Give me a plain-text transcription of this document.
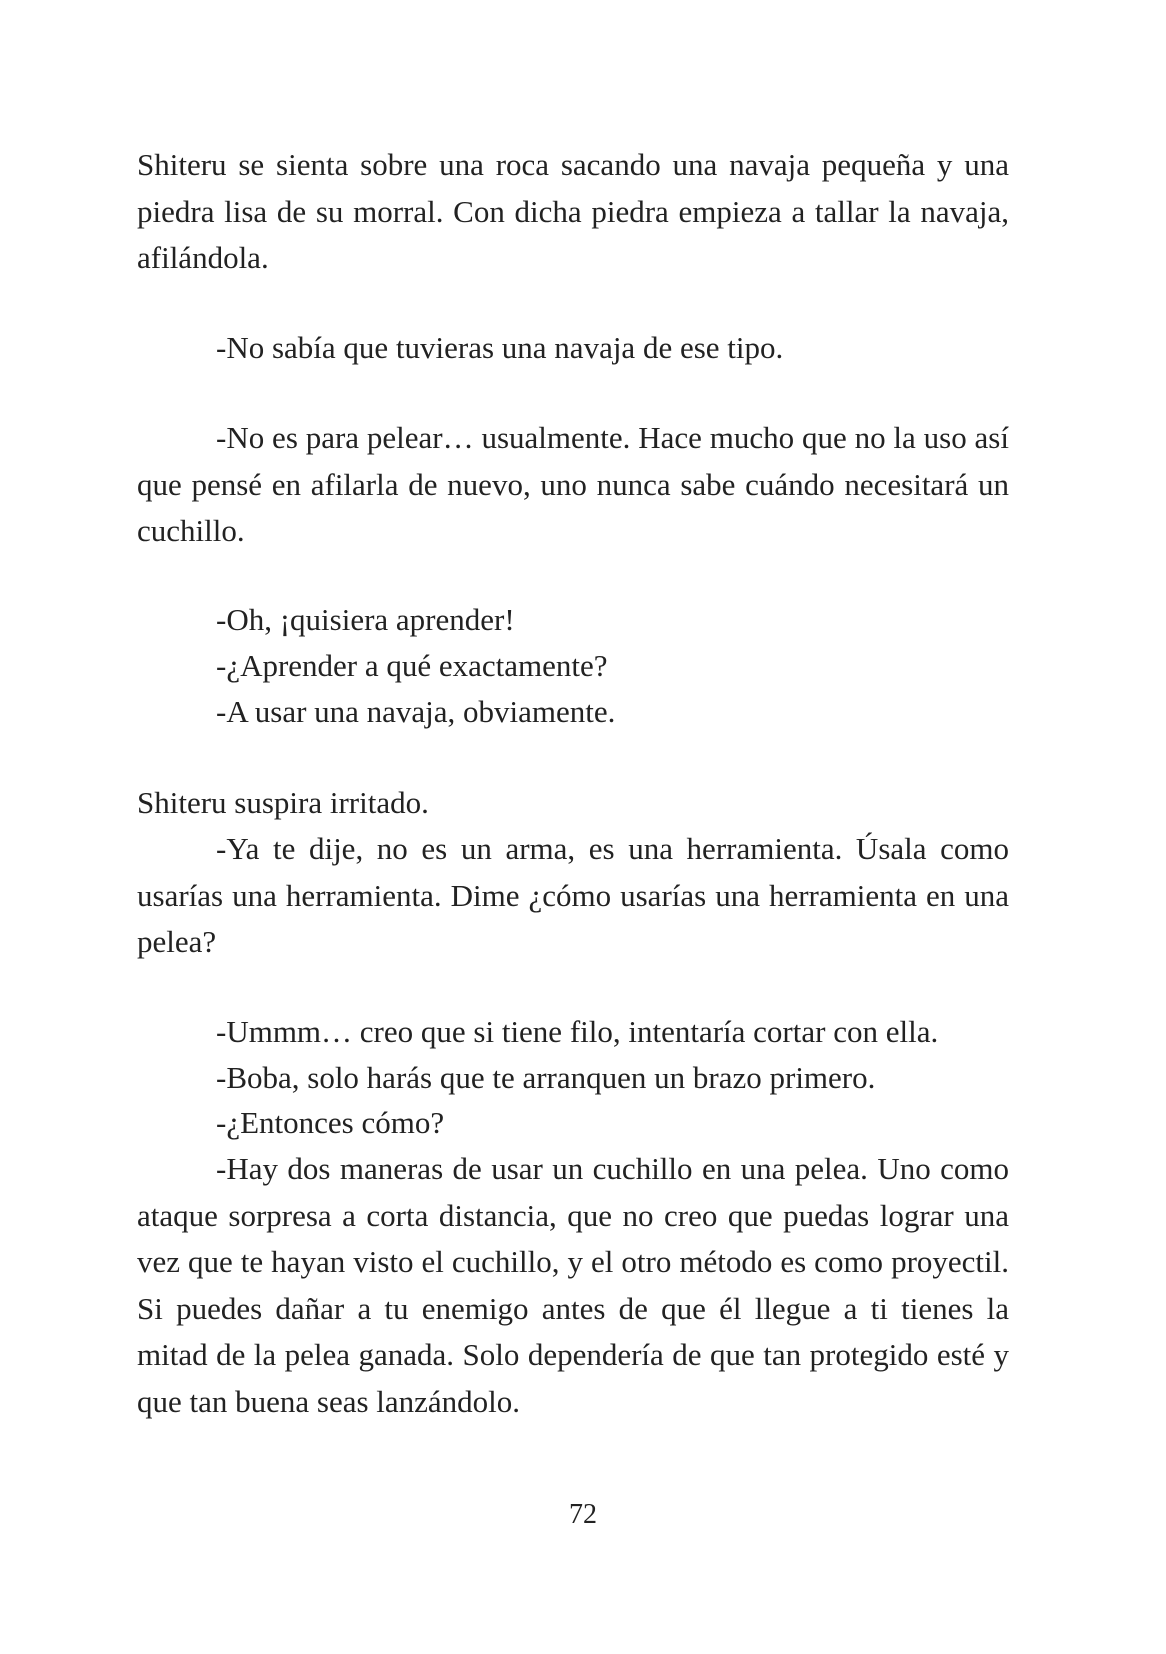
Shiteru se sienta sobre una roca sacando una navaja pequeña y una piedra lisa de su morral. Con dicha piedra empieza a tallar la navaja, afilándola.

-No sabía que tuvieras una navaja de ese tipo.

-No es para pelear… usualmente. Hace mucho que no la uso así que pensé en afilarla de nuevo, uno nunca sabe cuándo necesitará un cuchillo.

-Oh, ¡quisiera aprender!

-¿Aprender a qué exactamente?

-A usar una navaja, obviamente.

Shiteru suspira irritado.

-Ya te dije, no es un arma, es una herramienta. Úsala como usarías una herramienta. Dime ¿cómo usarías una herramienta en una pelea?

-Ummm… creo que si tiene filo, intentaría cortar con ella.

-Boba, solo harás que te arranquen un brazo primero.

-¿Entonces cómo?

-Hay dos maneras de usar un cuchillo en una pelea. Uno como ataque sorpresa a corta distancia, que no creo que puedas lograr una vez que te hayan visto el cuchillo, y el otro método es como proyectil. Si puedes dañar a tu enemigo antes de que él llegue a ti tienes la mitad de la pelea ganada. Solo dependería de que tan protegido esté y que tan buena seas lanzándolo.

72
